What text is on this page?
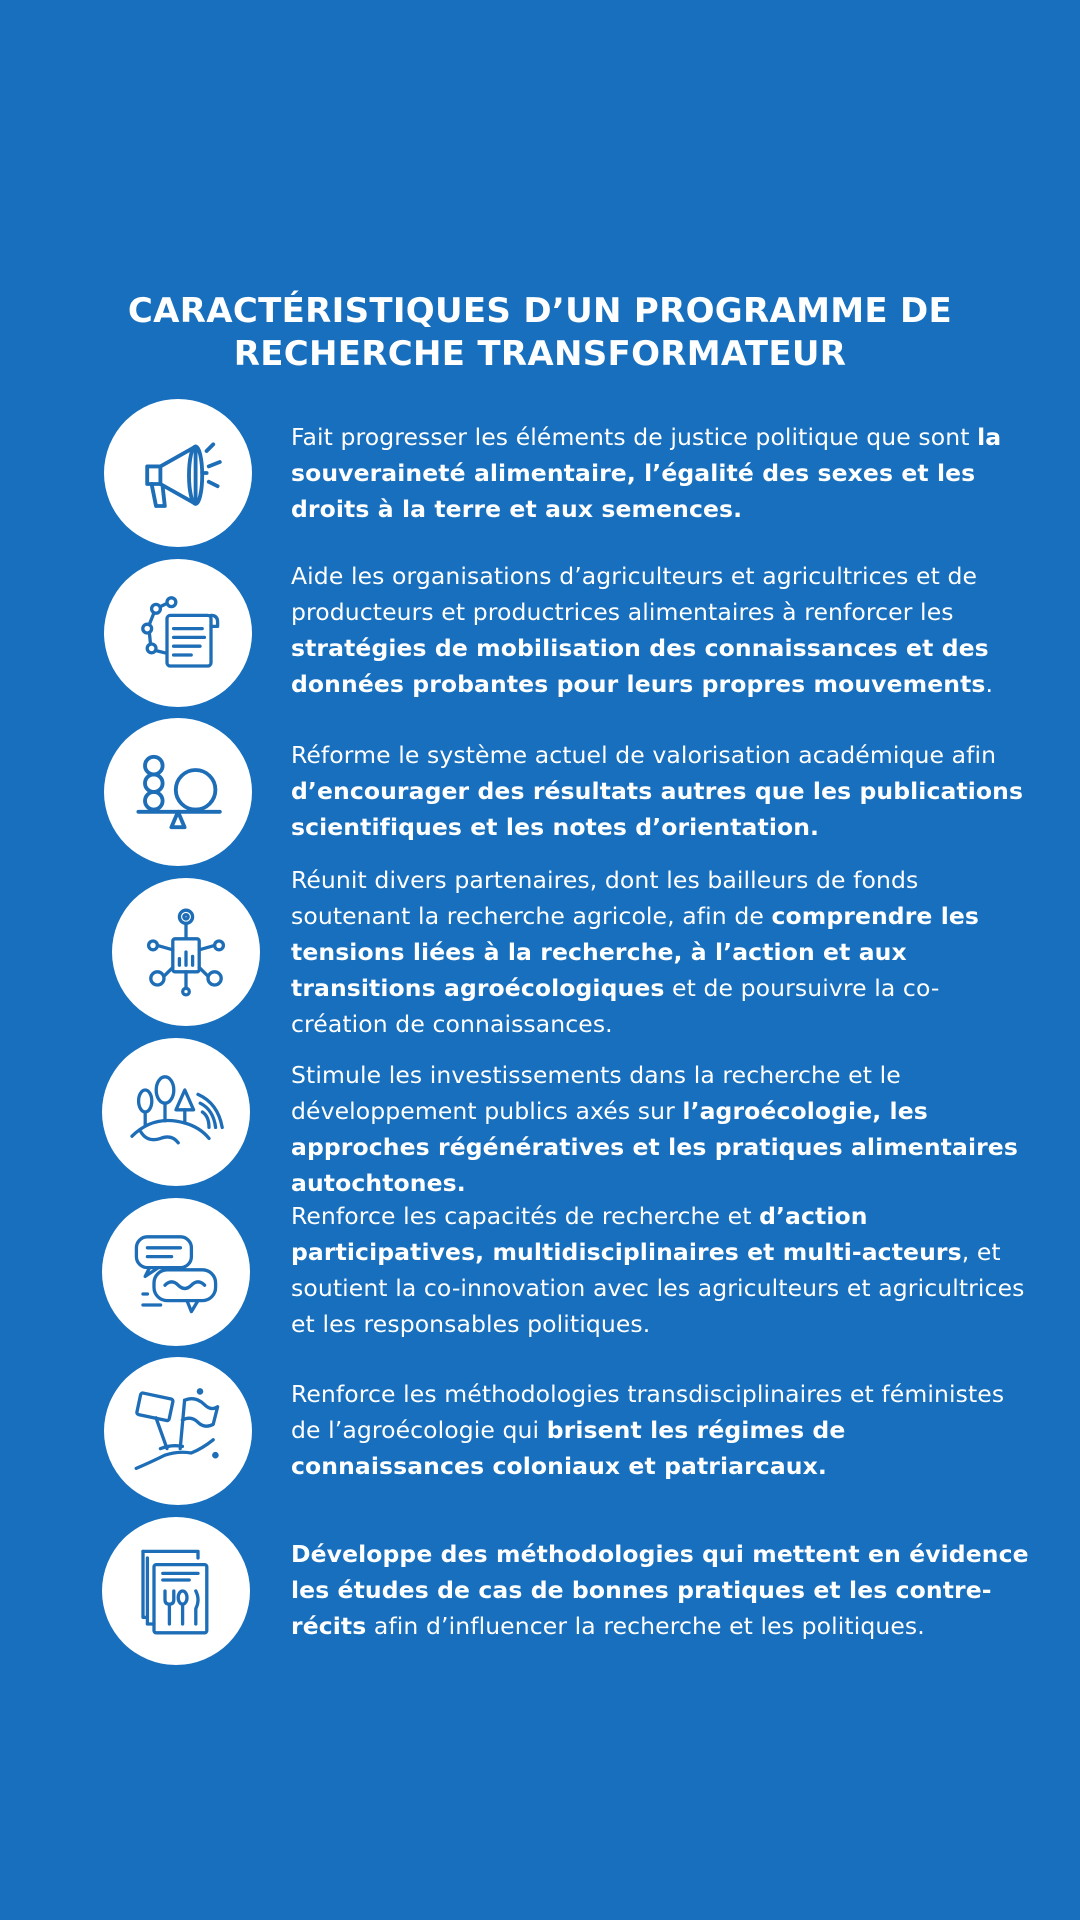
CARACTÉRISTIQUES D’UN PROGRAMME DE
RECHERCHE TRANSFORMATEUR
Fait progresser les éléments de justice politique que sont la souveraineté alimentaire, l’égalité des sexes et les droits à la terre et aux semences.
Aide les organisations d’agriculteurs et agricultrices et de producteurs et productrices alimentaires à renforcer les stratégies de mobilisation des connaissances et des données probantes pour leurs propres mouvements.
Réforme le système actuel de valorisation académique afin d’encourager des résultats autres que les publications scientifiques et les notes d’orientation.
Réunit divers partenaires, dont les bailleurs de fonds soutenant la recherche agricole, afin de comprendre les tensions liées à la recherche, à l’action et aux transitions agroécologiques et de poursuivre la co-création de connaissances.
Stimule les investissements dans la recherche et le développement publics axés sur l’agroécologie, les approches régénératives et les pratiques alimentaires autochtones.
Renforce les capacités de recherche et d’action participatives, multidisciplinaires et multi-acteurs, et soutient la co-innovation avec les agriculteurs et agricultrices et les responsables politiques.
Renforce les méthodologies transdisciplinaires et féministes de l’agroécologie qui brisent les régimes de connaissances coloniaux et patriarcaux.
Développe des méthodologies qui mettent en évidence les études de cas de bonnes pratiques et les contre-récits afin d’influencer la recherche et les politiques.
